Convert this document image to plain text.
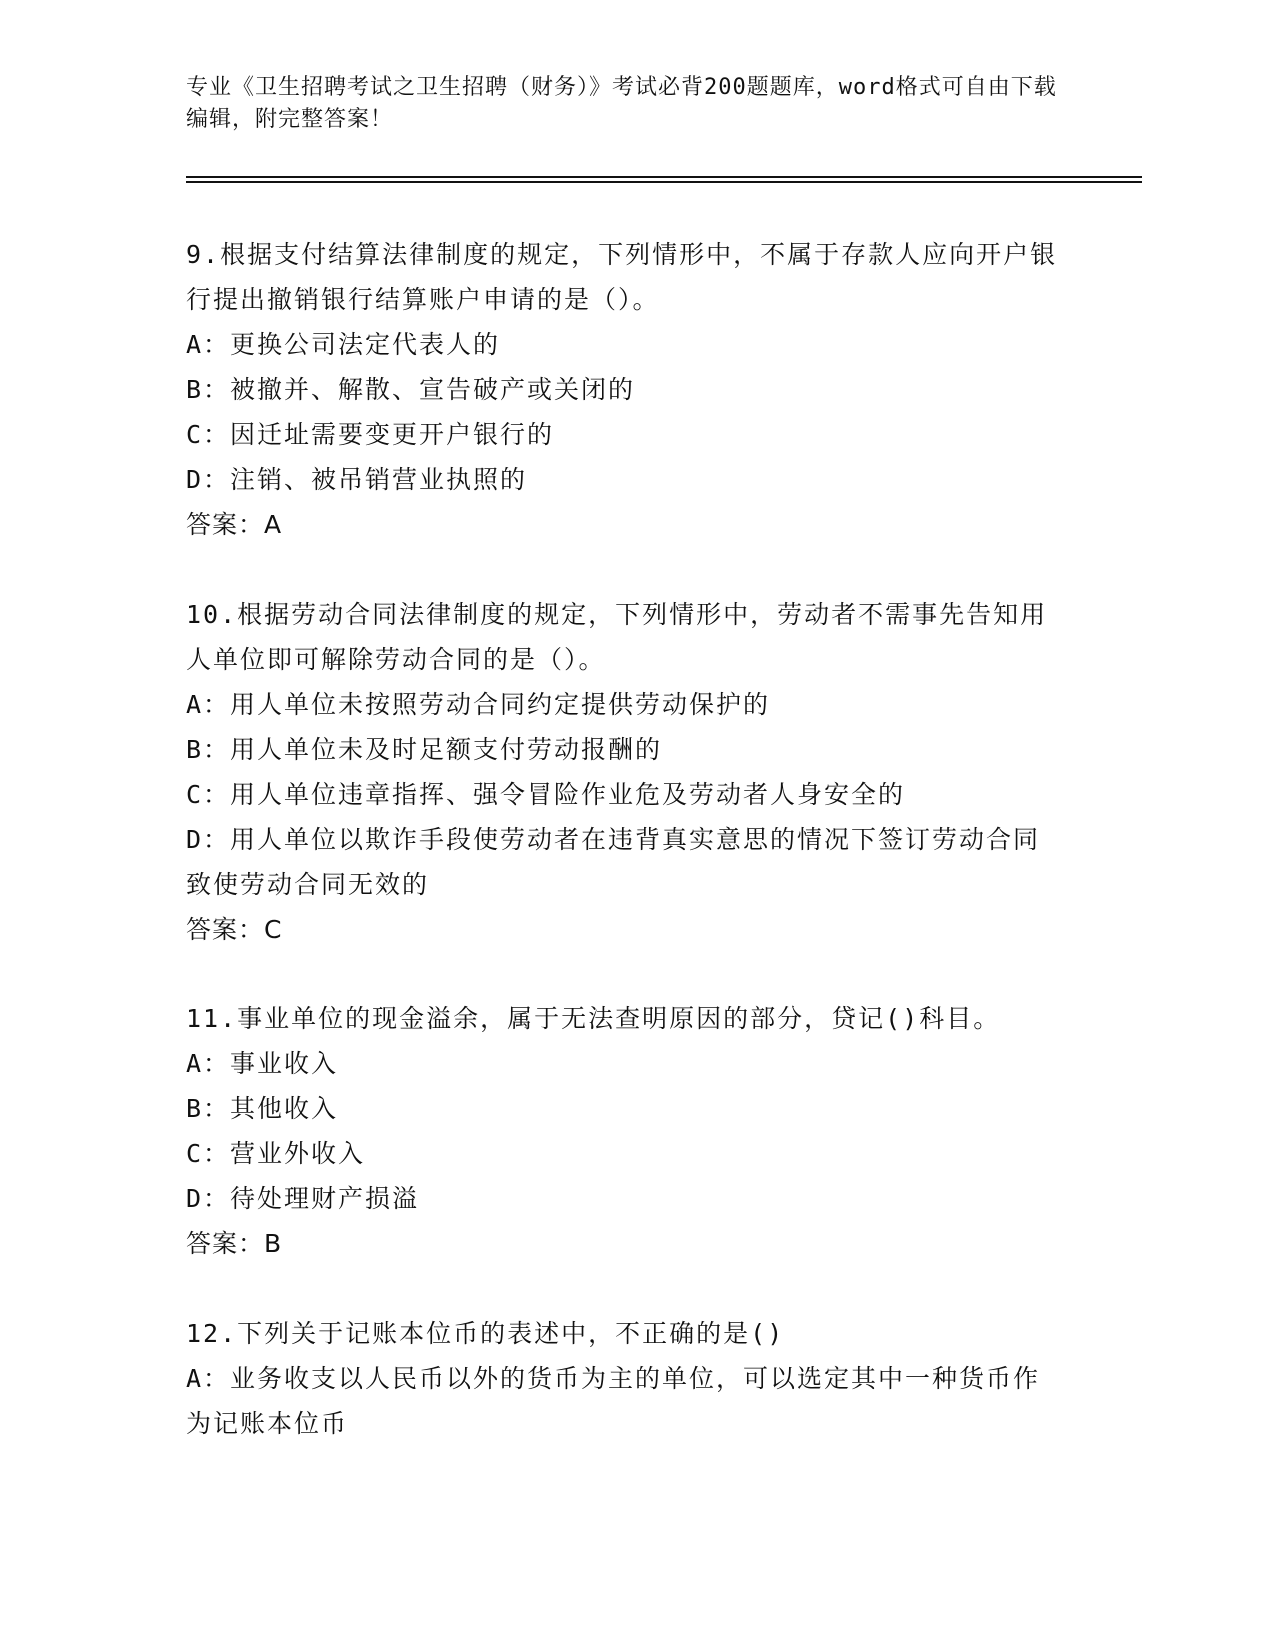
专业《卫生招聘考试之卫生招聘（财务）》考试必背200题题库，word格式可自由下载编辑，附完整答案！

9.根据支付结算法律制度的规定，下列情形中，不属于存款人应向开户银行提出撤销银行结算账户申请的是（）。

A：更换公司法定代表人的

B：被撤并、解散、宣告破产或关闭的

C：因迁址需要变更开户银行的

D：注销、被吊销营业执照的

答案：A

10.根据劳动合同法律制度的规定，下列情形中，劳动者不需事先告知用人单位即可解除劳动合同的是（）。

A：用人单位未按照劳动合同约定提供劳动保护的

B：用人单位未及时足额支付劳动报酬的

C：用人单位违章指挥、强令冒险作业危及劳动者人身安全的

D：用人单位以欺诈手段使劳动者在违背真实意思的情况下签订劳动合同致使劳动合同无效的

答案：C

11.事业单位的现金溢余，属于无法查明原因的部分，贷记()科目。

A：事业收入

B：其他收入

C：营业外收入

D：待处理财产损溢

答案：B

12.下列关于记账本位币的表述中，不正确的是()

A：业务收支以人民币以外的货币为主的单位，可以选定其中一种货币作为记账本位币
